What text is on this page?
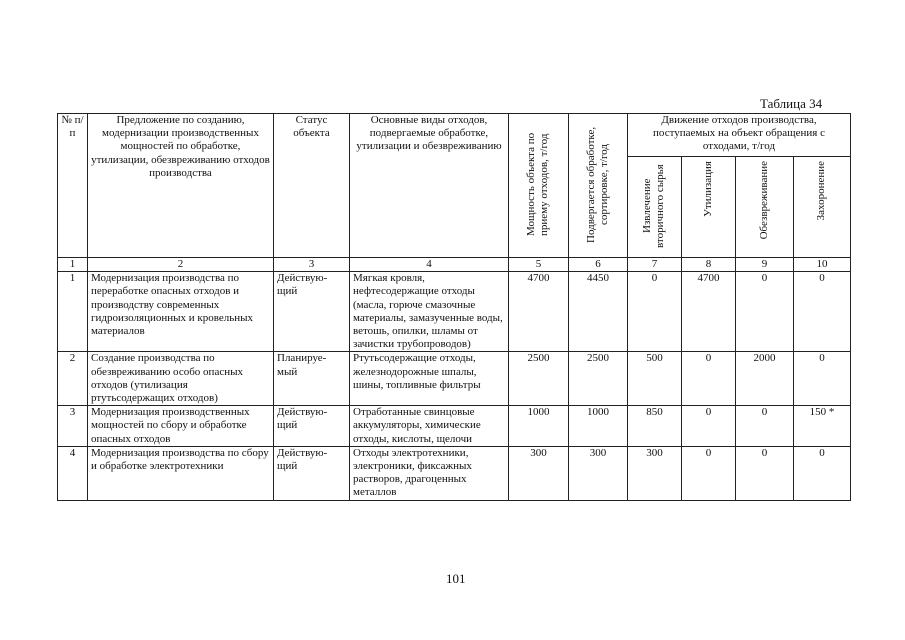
Таблица 34
№ п/п	Предложение по созданию, модернизации производственных мощностей по обработке, утилизации, обезвреживанию отходов производства	Статус объекта	Основные виды отходов, подвергаемые обработке, утилизации и обезвреживанию	Мощность объекта по приему отходов, т/год	Подвергается обработке, сортировке, т/год	Движение отходов производства, поступаемых на объект обращения с отходами, т/год			

						Извлечение вторичного сырья	Утилизация	Обезвреживание	Захоронение

1	2	3	4	5	6	7	8	9	10
1	Модернизация производства по переработке опасных отходов и производству современных гидроизоляционных и кровельных материалов	Действую-щий	Мягкая кровля, нефтесодержащие отходы (масла, горюче смазочные материалы, замазученные воды, ветошь, опилки, шламы от зачистки трубопроводов)	4700	4450	0	4700	0	0
2	Создание производства по обезвреживанию особо опасных отходов (утилизация ртутьсодержащих отходов)	Планируе-мый	Ртутьсодержащие отходы, железнодорожные шпалы, шины, топливные фильтры	2500	2500	500	0	2000	0
3	Модернизация производственных мощностей по сбору и обработке опасных отходов	Действую-щий	Отработанные свинцовые аккумуляторы, химические отходы, кислоты, щелочи	1000	1000	850	0	0	150 *
4	Модернизация производства по сбору и обработке электротехники	Действую-щий	Отходы электротехники, электроники, фиксажных растворов, драгоценных металлов	300	300	300	0	0	0
101
